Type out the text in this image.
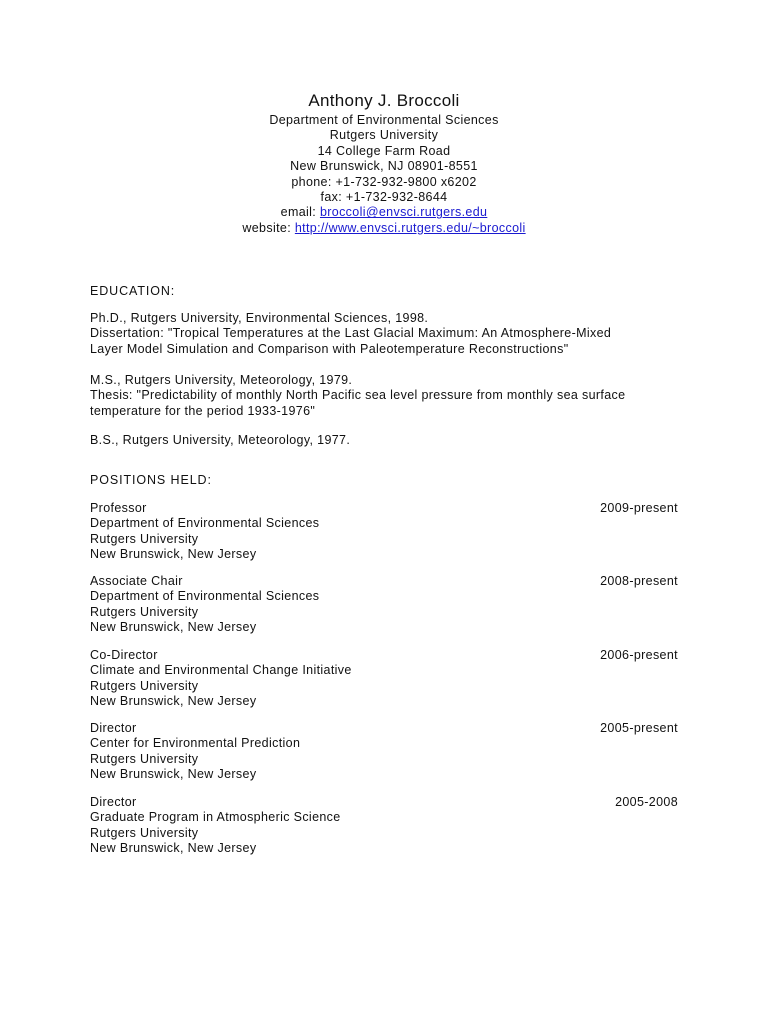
Anthony J. Broccoli
Department of Environmental Sciences
Rutgers University
14 College Farm Road
New Brunswick, NJ 08901-8551
phone: +1-732-932-9800 x6202
fax: +1-732-932-8644
email: broccoli@envsci.rutgers.edu
website: http://www.envsci.rutgers.edu/~broccoli
EDUCATION:
Ph.D., Rutgers University, Environmental Sciences, 1998.
Dissertation: "Tropical Temperatures at the Last Glacial Maximum: An Atmosphere-Mixed
Layer Model Simulation and Comparison with Paleotemperature Reconstructions"
M.S., Rutgers University, Meteorology, 1979.
Thesis: "Predictability of monthly North Pacific sea level pressure from monthly sea surface
temperature for the period 1933-1976"
B.S., Rutgers University, Meteorology, 1977.
POSITIONS HELD:
Professor	2009-present
Department of Environmental Sciences
Rutgers University
New Brunswick, New Jersey
Associate Chair	2008-present
Department of Environmental Sciences
Rutgers University
New Brunswick, New Jersey
Co-Director	2006-present
Climate and Environmental Change Initiative
Rutgers University
New Brunswick, New Jersey
Director	2005-present
Center for Environmental Prediction
Rutgers University
New Brunswick, New Jersey
Director	2005-2008
Graduate Program in Atmospheric Science
Rutgers University
New Brunswick, New Jersey
